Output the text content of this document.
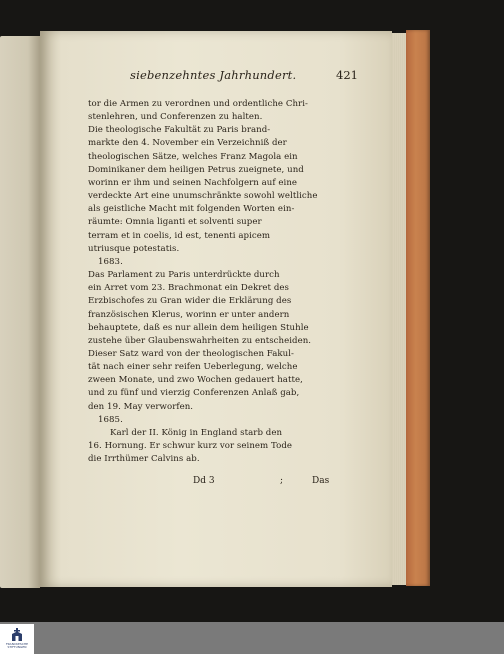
siebenzehntes Jahrhundert.	421

tor die Armen zu verordnen und ordentliche Chri-
stenlehren, und Conferenzen zu halten.

Die theologische Fakultät zu Paris brand-
markte den 4. November ein Verzeichniß der
theologischen Sätze, welches Franz Magola ein
Dominikaner dem heiligen Petrus zueignete, und
worinn er ihm und seinen Nachfolgern auf eine
verdeckte Art eine unumschränkte sowohl weltliche
als geistliche Macht mit folgenden Worten ein-
räumte: Omnia liganti et solventi super
terram et in coelis, id est, tenenti apicem
utriusque potestatis.

1683.

Das Parlament zu Paris unterdrückte durch
ein Arret vom 23. Brachmonat ein Dekret des
Erzbischofes zu Gran wider die Erklärung des
französischen Klerus, worinn er unter andern
behauptete, daß es nur allein dem heiligen Stuhle
zustehe über Glaubenswahrheiten zu entscheiden.
Dieser Satz ward von der theologischen Fakul-
tät nach einer sehr reifen Ueberlegung, welche
zween Monate, und zwo Wochen gedauert hatte,
und zu fünf und vierzig Conferenzen Anlaß gab,
den 19. May verworfen.

1685.

Karl der II. König in England starb den
16. Hornung. Er schwur kurz vor seinem Tode
die Irrthümer Calvins ab.

Dd 3	;	Das
FRANCKESCHE STIFTUNGEN
